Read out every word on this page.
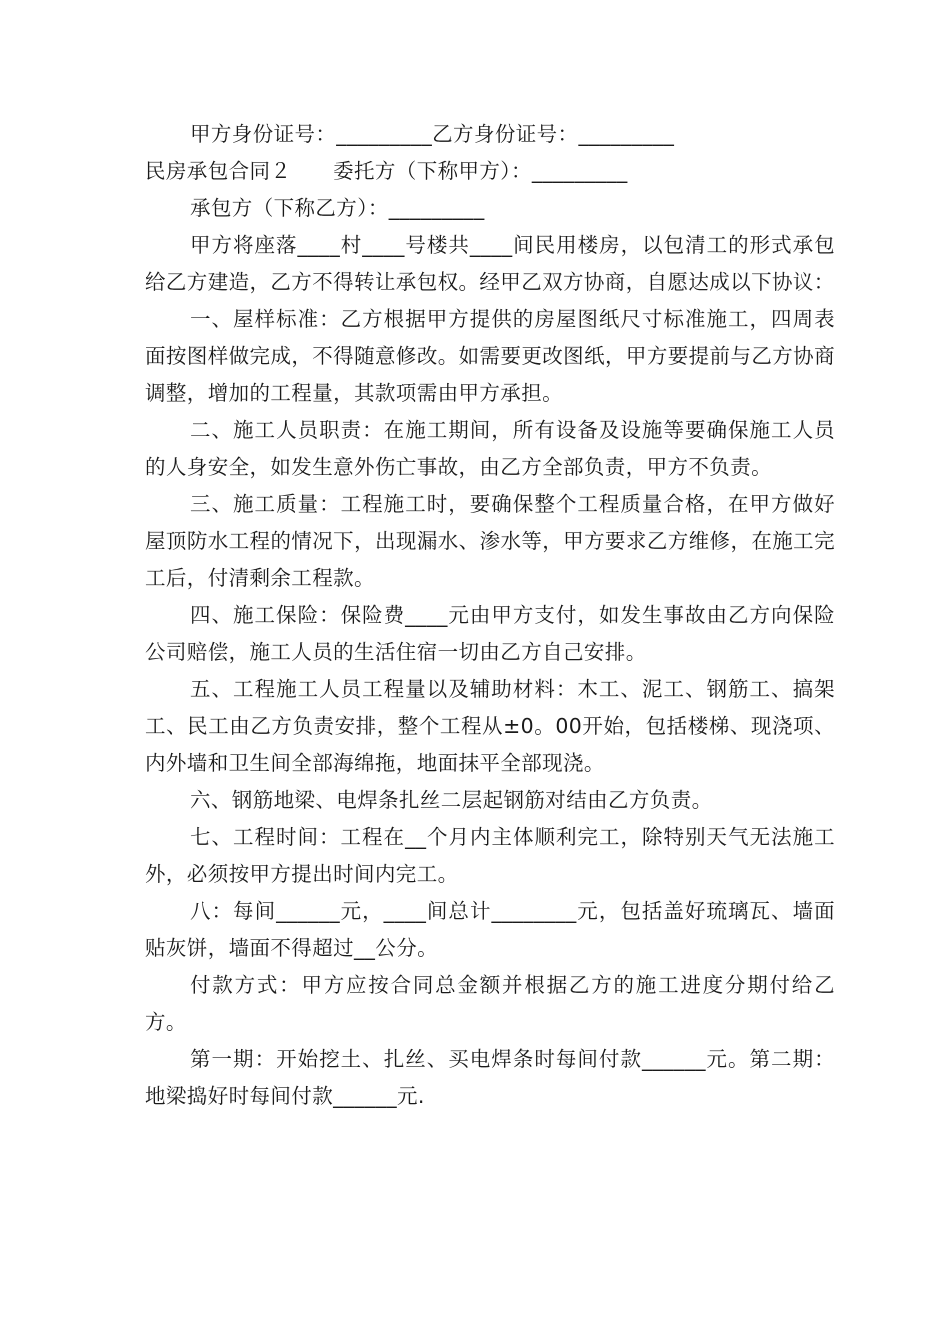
甲方身份证号：_________乙方身份证号：_________

民房承包合同２　　委托方（下称甲方）：_________

承包方（下称乙方）：_________

甲方将座落____村____号楼共____间民用楼房，以包清工的形式承包给乙方建造，乙方不得转让承包权。经甲乙双方协商，自愿达成以下协议：

一、屋样标准：乙方根据甲方提供的房屋图纸尺寸标准施工，四周表面按图样做完成，不得随意修改。如需要更改图纸，甲方要提前与乙方协商调整，增加的工程量，其款项需由甲方承担。

二、施工人员职责：在施工期间，所有设备及设施等要确保施工人员的人身安全，如发生意外伤亡事故，由乙方全部负责，甲方不负责。

三、施工质量：工程施工时，要确保整个工程质量合格，在甲方做好屋顶防水工程的情况下，出现漏水、渗水等，甲方要求乙方维修，在施工完工后，付清剩余工程款。

四、施工保险：保险费____元由甲方支付，如发生事故由乙方向保险公司赔偿，施工人员的生活住宿一切由乙方自己安排。

五、工程施工人员工程量以及辅助材料：木工、泥工、钢筋工、搞架工、民工由乙方负责安排，整个工程从±0。00开始，包括楼梯、现浇项、内外墙和卫生间全部海绵拖，地面抹平全部现浇。

六、钢筋地梁、电焊条扎丝二层起钢筋对结由乙方负责。

七、工程时间：工程在__个月内主体顺利完工，除特别天气无法施工外，必须按甲方提出时间内完工。

八：每间______元，____间总计________元，包括盖好琉璃瓦、墙面贴灰饼，墙面不得超过__公分。

付款方式：甲方应按合同总金额并根据乙方的施工进度分期付给乙方。

第一期：开始挖土、扎丝、买电焊条时每间付款______元。第二期：地梁捣好时每间付款______元.
